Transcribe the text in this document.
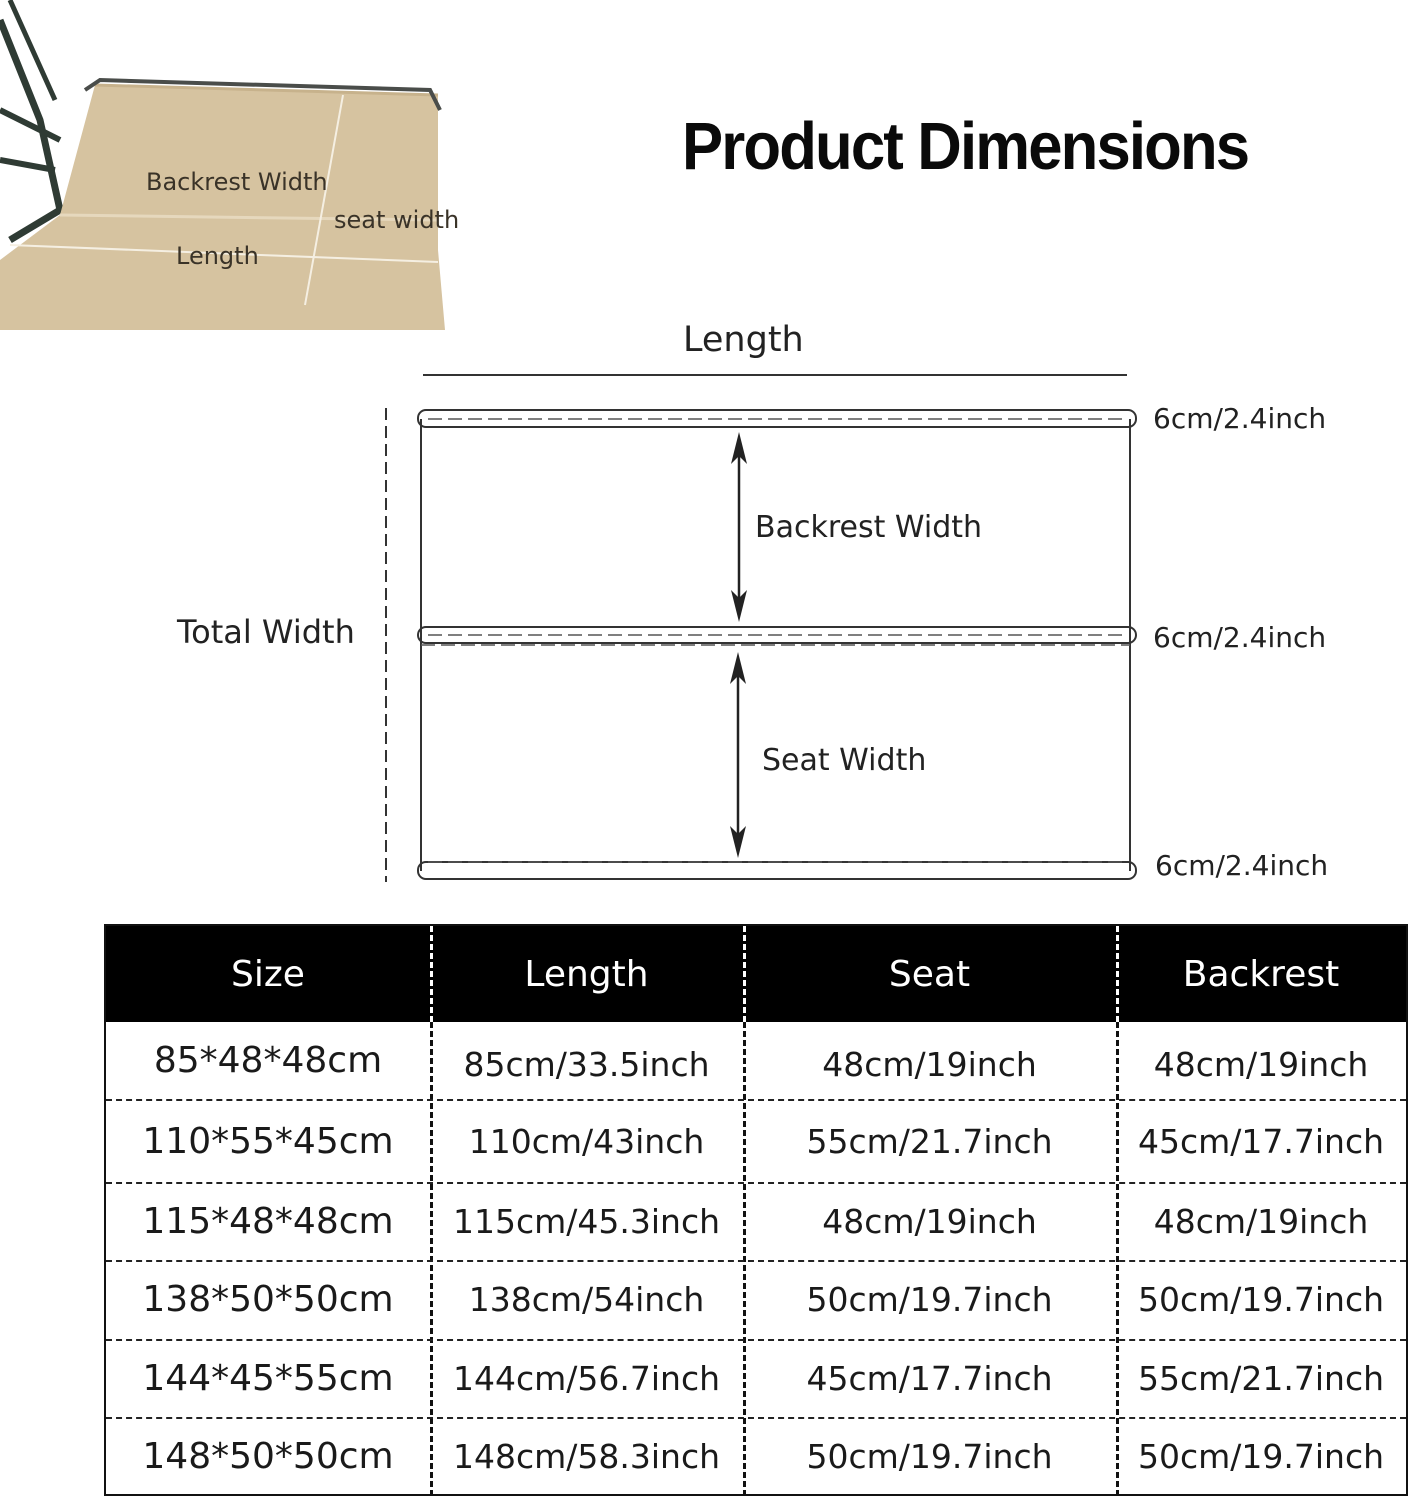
Backrest Width
seat width
Length
Product Dimensions
Length
Total Width
Backrest Width
Seat Width
6cm/2.4inch
6cm/2.4inch
6cm/2.4inch
Size	Length	Seat	Backrest
85*48*48cm	85cm/33.5inch	48cm/19inch	48cm/19inch
110*55*45cm	110cm/43inch	55cm/21.7inch	45cm/17.7inch
115*48*48cm	115cm/45.3inch	48cm/19inch	48cm/19inch
138*50*50cm	138cm/54inch	50cm/19.7inch	50cm/19.7inch
144*45*55cm	144cm/56.7inch	45cm/17.7inch	55cm/21.7inch
148*50*50cm	148cm/58.3inch	50cm/19.7inch	50cm/19.7inch
